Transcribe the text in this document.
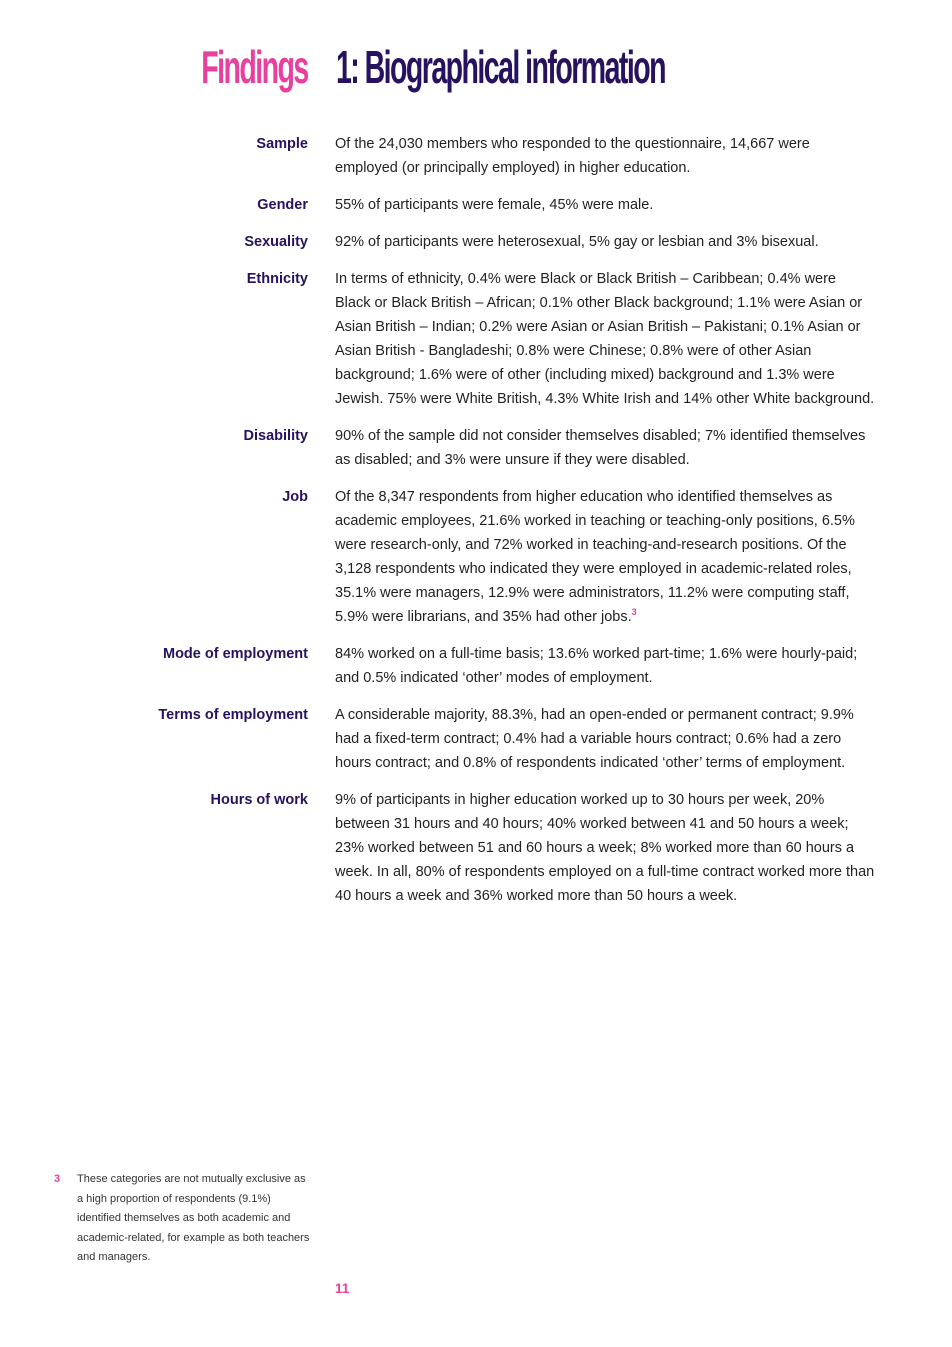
Findings 1: Biographical information
Sample Of the 24,030 members who responded to the questionnaire, 14,667 were employed (or principally employed) in higher education.
Gender 55% of participants were female, 45% were male.
Sexuality 92% of participants were heterosexual, 5% gay or lesbian and 3% bisexual.
Ethnicity In terms of ethnicity, 0.4% were Black or Black British – Caribbean; 0.4% were Black or Black British – African; 0.1% other Black background; 1.1% were Asian or Asian British – Indian; 0.2% were Asian or Asian British – Pakistani; 0.1% Asian or Asian British - Bangladeshi; 0.8% were Chinese; 0.8% were of other Asian background; 1.6% were of other (including mixed) background and 1.3% were Jewish. 75% were White British, 4.3% White Irish and 14% other White background.
Disability 90% of the sample did not consider themselves disabled; 7% identified themselves as disabled; and 3% were unsure if they were disabled.
Job Of the 8,347 respondents from higher education who identified themselves as academic employees, 21.6% worked in teaching or teaching-only positions, 6.5% were research-only, and 72% worked in teaching-and-research positions. Of the 3,128 respondents who indicated they were employed in academic-related roles, 35.1% were managers, 12.9% were administrators, 11.2% were computing staff, 5.9% were librarians, and 35% had other jobs.$^3$
Mode of employment 84% worked on a full-time basis; 13.6% worked part-time; 1.6% were hourly-paid; and 0.5% indicated ‘other’ modes of employment.
Terms of employment A considerable majority, 88.3%, had an open-ended or permanent contract; 9.9% had a fixed-term contract; 0.4% had a variable hours contract; 0.6% had a zero hours contract; and 0.8% of respondents indicated ‘other’ terms of employment.
Hours of work 9% of participants in higher education worked up to 30 hours per week, 20% between 31 hours and 40 hours; 40% worked between 41 and 50 hours a week; 23% worked between 51 and 60 hours a week; 8% worked more than 60 hours a week. In all, 80% of respondents employed on a full-time contract worked more than 40 hours a week and 36% worked more than 50 hours a week.
3	These categories are not mutually exclusive as a high proportion of respondents (9.1%) identified themselves as both academic and academic-related, for example as both teachers and managers.
11
